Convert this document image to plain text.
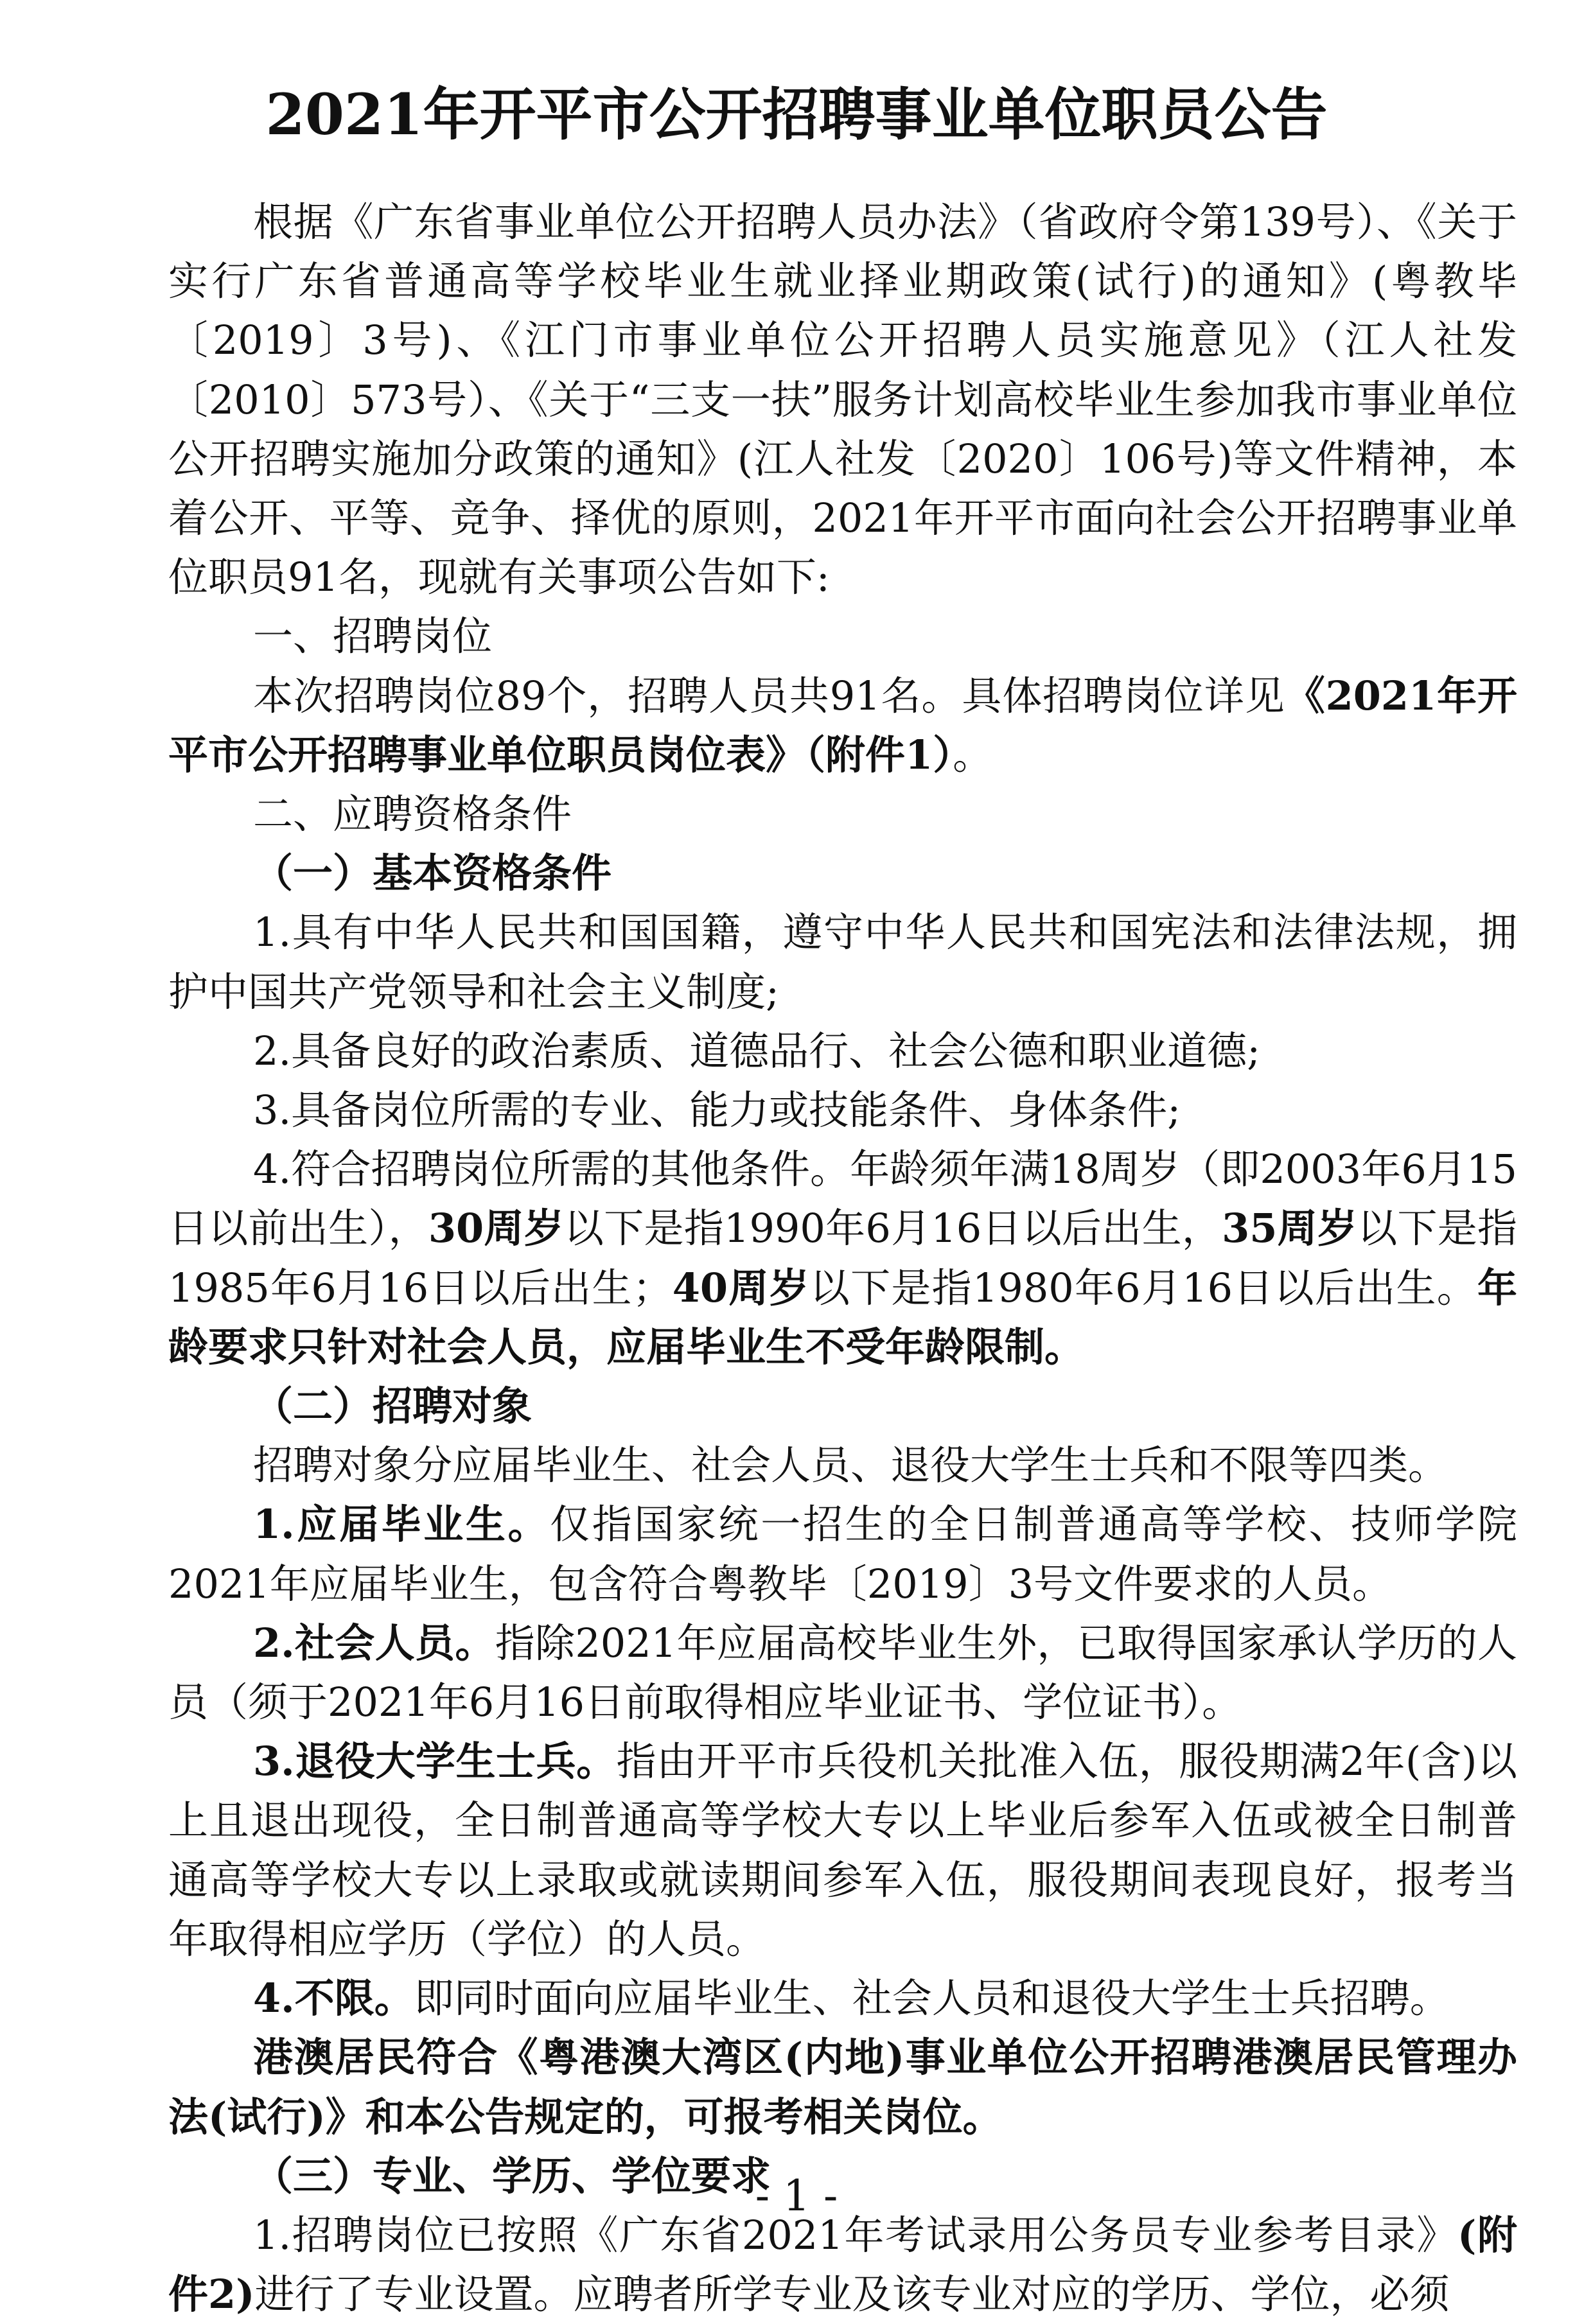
2021年开平市公开招聘事业单位职员公告

根据《广东省事业单位公开招聘人员办法》（省政府令第139号）、《关于实行广东省普通高等学校毕业生就业择业期政策(试行)的通知》(粤教毕〔2019〕3号)、《江门市事业单位公开招聘人员实施意见》（江人社发〔2010〕573号）、《关于“三支一扶”服务计划高校毕业生参加我市事业单位公开招聘实施加分政策的通知》(江人社发〔2020〕106号)等文件精神，本着公开、平等、竞争、择优的原则，2021年开平市面向社会公开招聘事业单位职员91名，现就有关事项公告如下:

一、招聘岗位

本次招聘岗位89个，招聘人员共91名。具体招聘岗位详见《2021年开平市公开招聘事业单位职员岗位表》（附件1）。

二、应聘资格条件

（一）基本资格条件

1.具有中华人民共和国国籍，遵守中华人民共和国宪法和法律法规，拥护中国共产党领导和社会主义制度;

2.具备良好的政治素质、道德品行、社会公德和职业道德;

3.具备岗位所需的专业、能力或技能条件、身体条件;

4.符合招聘岗位所需的其他条件。年龄须年满18周岁（即2003年6月15日以前出生），30周岁以下是指1990年6月16日以后出生，35周岁以下是指1985年6月16日以后出生；40周岁以下是指1980年6月16日以后出生。年龄要求只针对社会人员，应届毕业生不受年龄限制。

（二）招聘对象

招聘对象分应届毕业生、社会人员、退役大学生士兵和不限等四类。

1.应届毕业生。仅指国家统一招生的全日制普通高等学校、技师学院2021年应届毕业生，包含符合粤教毕〔2019〕3号文件要求的人员。

2.社会人员。指除2021年应届高校毕业生外，已取得国家承认学历的人员（须于2021年6月16日前取得相应毕业证书、学位证书）。

3.退役大学生士兵。指由开平市兵役机关批准入伍，服役期满2年(含)以上且退出现役，全日制普通高等学校大专以上毕业后参军入伍或被全日制普通高等学校大专以上录取或就读期间参军入伍，服役期间表现良好，报考当年取得相应学历（学位）的人员。

4.不限。即同时面向应届毕业生、社会人员和退役大学生士兵招聘。

港澳居民符合《粤港澳大湾区(内地)事业单位公开招聘港澳居民管理办法(试行)》和本公告规定的，可报考相关岗位。

（三）专业、学历、学位要求

1.招聘岗位已按照《广东省2021年考试录用公务员专业参考目录》(附件2)进行了专业设置。应聘者所学专业及该专业对应的学历、学位，必须

- 1 -
